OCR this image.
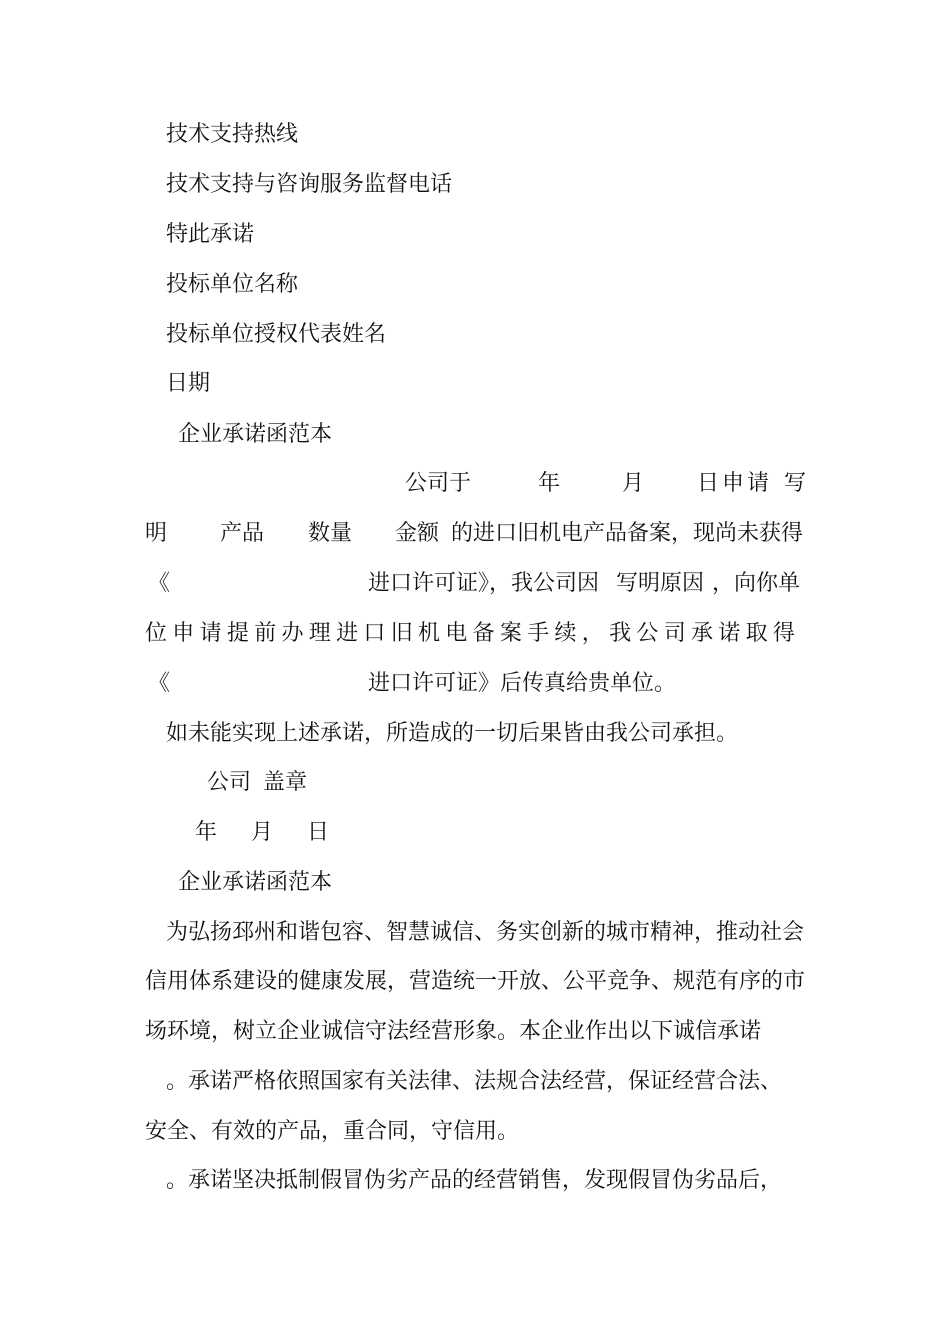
技术支持热线
技术支持与咨询服务监督电话
特此承诺
投标单位名称
投标单位授权代表姓名
日期
企业承诺函范本
公司于	年	月 日申请 写
明 产品 数量 金额 的进口旧机电产品备案，现尚未获得
《	进口许可证》，我公司因 写明原因 ，向你单
位申请提前办理进口旧机电备案手续，我公司承诺取得
《	进口许可证》后传真给贵单位。
如未能实现上述承诺，所造成的一切后果皆由我公司承担。
公司 盖章
年 月 日
企业承诺函范本
为弘扬邳州和谐包容、智慧诚信、务实创新的城市精神，推动社会
信用体系建设的健康发展，营造统一开放、公平竞争、规范有序的市
场环境，树立企业诚信守法经营形象。本企业作出以下诚信承诺
。承诺严格依照国家有关法律、法规合法经营，保证经营合法、
安全、有效的产品，重合同，守信用。
。承诺坚决抵制假冒伪劣产品的经营销售，发现假冒伪劣品后，
